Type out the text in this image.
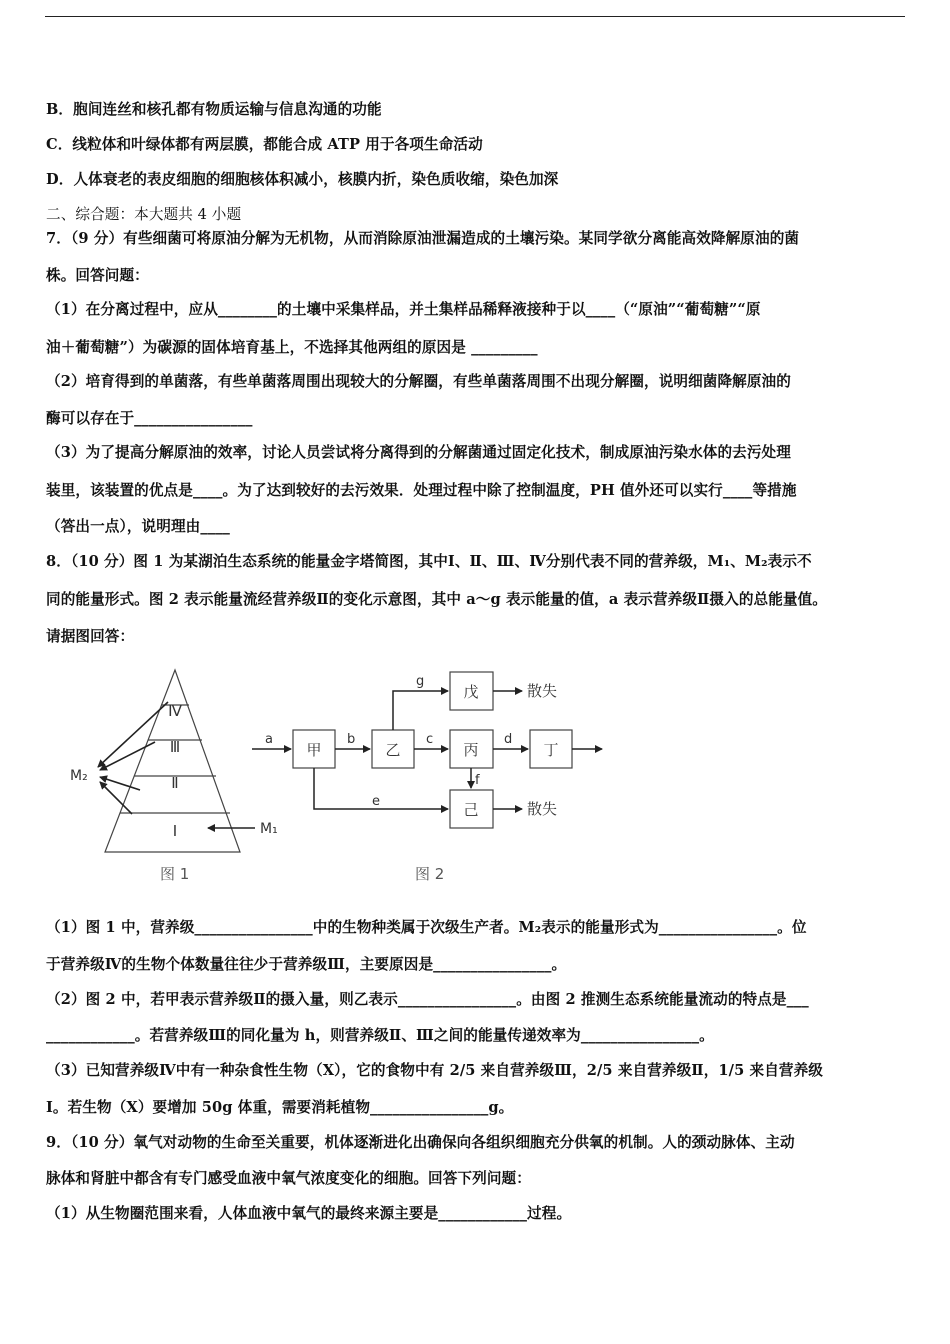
B．胞间连丝和核孔都有物质运输与信息沟通的功能
C．线粒体和叶绿体都有两层膜，都能合成 ATP 用于各项生命活动
D．人体衰老的表皮细胞的细胞核体积减小，核膜内折，染色质收缩，染色加深
二、综合题：本大题共 4 小题
7．（9 分）有些细菌可将原油分解为无机物，从而消除原油泄漏造成的土壤污染。某同学欲分离能高效降解原油的菌
株。回答问题：
（1）在分离过程中，应从________的土壤中采集样品，并土集样品稀释液接种于以____（“原油”“葡萄糖”“原
油＋葡萄糖”）为碳源的固体培育基上，不选择其他两组的原因是 _________
（2）培育得到的单菌落，有些单菌落周围出现较大的分解圈，有些单菌落周围不出现分解圈，说明细菌降解原油的
酶可以存在于________________
（3）为了提高分解原油的效率，讨论人员尝试将分离得到的分解菌通过固定化技术，制成原油污染水体的去污处理
装里，该装置的优点是____。为了达到较好的去污效果．处理过程中除了控制温度，PH 值外还可以实行____等措施
（答出一点），说明理由____
8．（10 分）图 1 为某湖泊生态系统的能量金字塔简图，其中Ⅰ、Ⅱ、Ⅲ、Ⅳ分别代表不同的营养级，M₁、M₂表示不
同的能量形式。图 2 表示能量流经营养级Ⅱ的变化示意图，其中 a～g 表示能量的值，a 表示营养级Ⅱ摄入的总能量值。
请据图回答：
Ⅳ
Ⅲ
Ⅱ
Ⅰ
M₂
M₁
图 1
甲	乙	丙	丁
戊
己
a	b	c	d
g
f
e
散失
散失
图 2
（1）图 1 中，营养级________________中的生物种类属于次级生产者。M₂表示的能量形式为________________。位
于营养级Ⅳ的生物个体数量往往少于营养级Ⅲ，主要原因是________________。
（2）图 2 中，若甲表示营养级Ⅱ的摄入量，则乙表示________________。由图 2 推测生态系统能量流动的特点是___
____________。若营养级Ⅲ的同化量为 h，则营养级Ⅱ、Ⅲ之间的能量传递效率为________________。
（3）已知营养级Ⅳ中有一种杂食性生物（X），它的食物中有 2/5 来自营养级Ⅲ，2/5 来自营养级Ⅱ，1/5 来自营养级
Ⅰ。若生物（X）要增加 50g 体重，需要消耗植物________________g。
9．（10 分）氧气对动物的生命至关重要，机体逐渐进化出确保向各组织细胞充分供氧的机制。人的颈动脉体、主动
脉体和肾脏中都含有专门感受血液中氧气浓度变化的细胞。回答下列问题：
（1）从生物圈范围来看，人体血液中氧气的最终来源主要是____________过程。
